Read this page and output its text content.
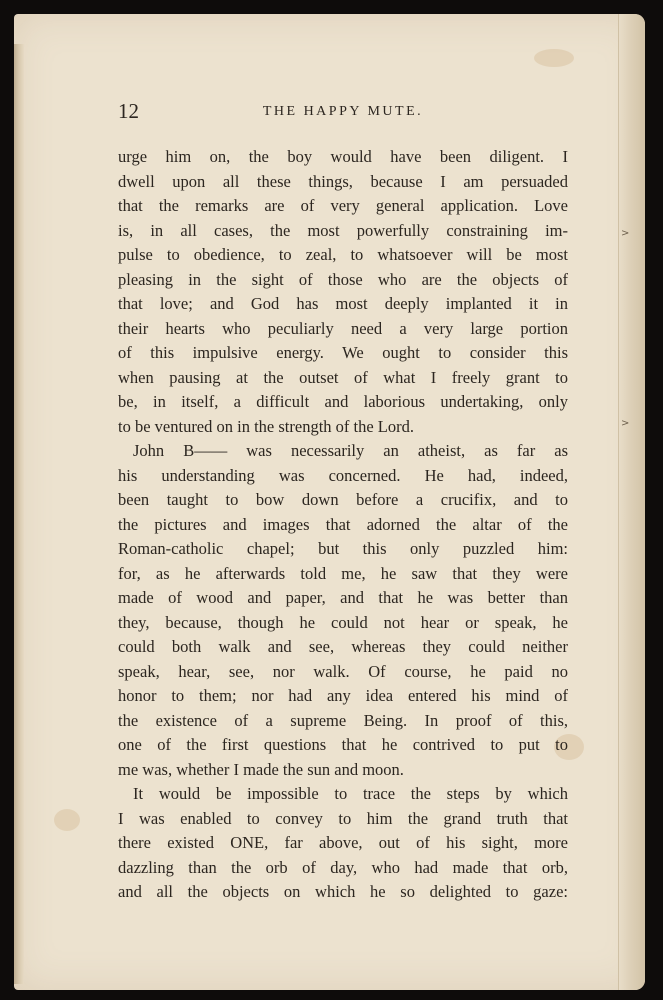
>
>
12	THE HAPPY MUTE.
urge him on, the boy would have been diligent. I
dwell upon all these things, because I am persuaded
that the remarks are of very general application. Love
is, in all cases, the most powerfully constraining im-
pulse to obedience, to zeal, to whatsoever will be most
pleasing in the sight of those who are the objects of
that love; and God has most deeply implanted it in
their hearts who peculiarly need a very large portion
of this impulsive energy. We ought to consider this
when pausing at the outset of what I freely grant to
be, in itself, a difficult and laborious undertaking, only
to be ventured on in the strength of the Lord.
John B—— was necessarily an atheist, as far as
his understanding was concerned. He had, indeed,
been taught to bow down before a crucifix, and to
the pictures and images that adorned the altar of the
Roman-catholic chapel; but this only puzzled him:
for, as he afterwards told me, he saw that they were
made of wood and paper, and that he was better than
they, because, though he could not hear or speak, he
could both walk and see, whereas they could neither
speak, hear, see, nor walk. Of course, he paid no
honor to them; nor had any idea entered his mind of
the existence of a supreme Being. In proof of this,
one of the first questions that he contrived to put to
me was, whether I made the sun and moon.
It would be impossible to trace the steps by which
I was enabled to convey to him the grand truth that
there existed ONE, far above, out of his sight, more
dazzling than the orb of day, who had made that orb,
and all the objects on which he so delighted to gaze:
